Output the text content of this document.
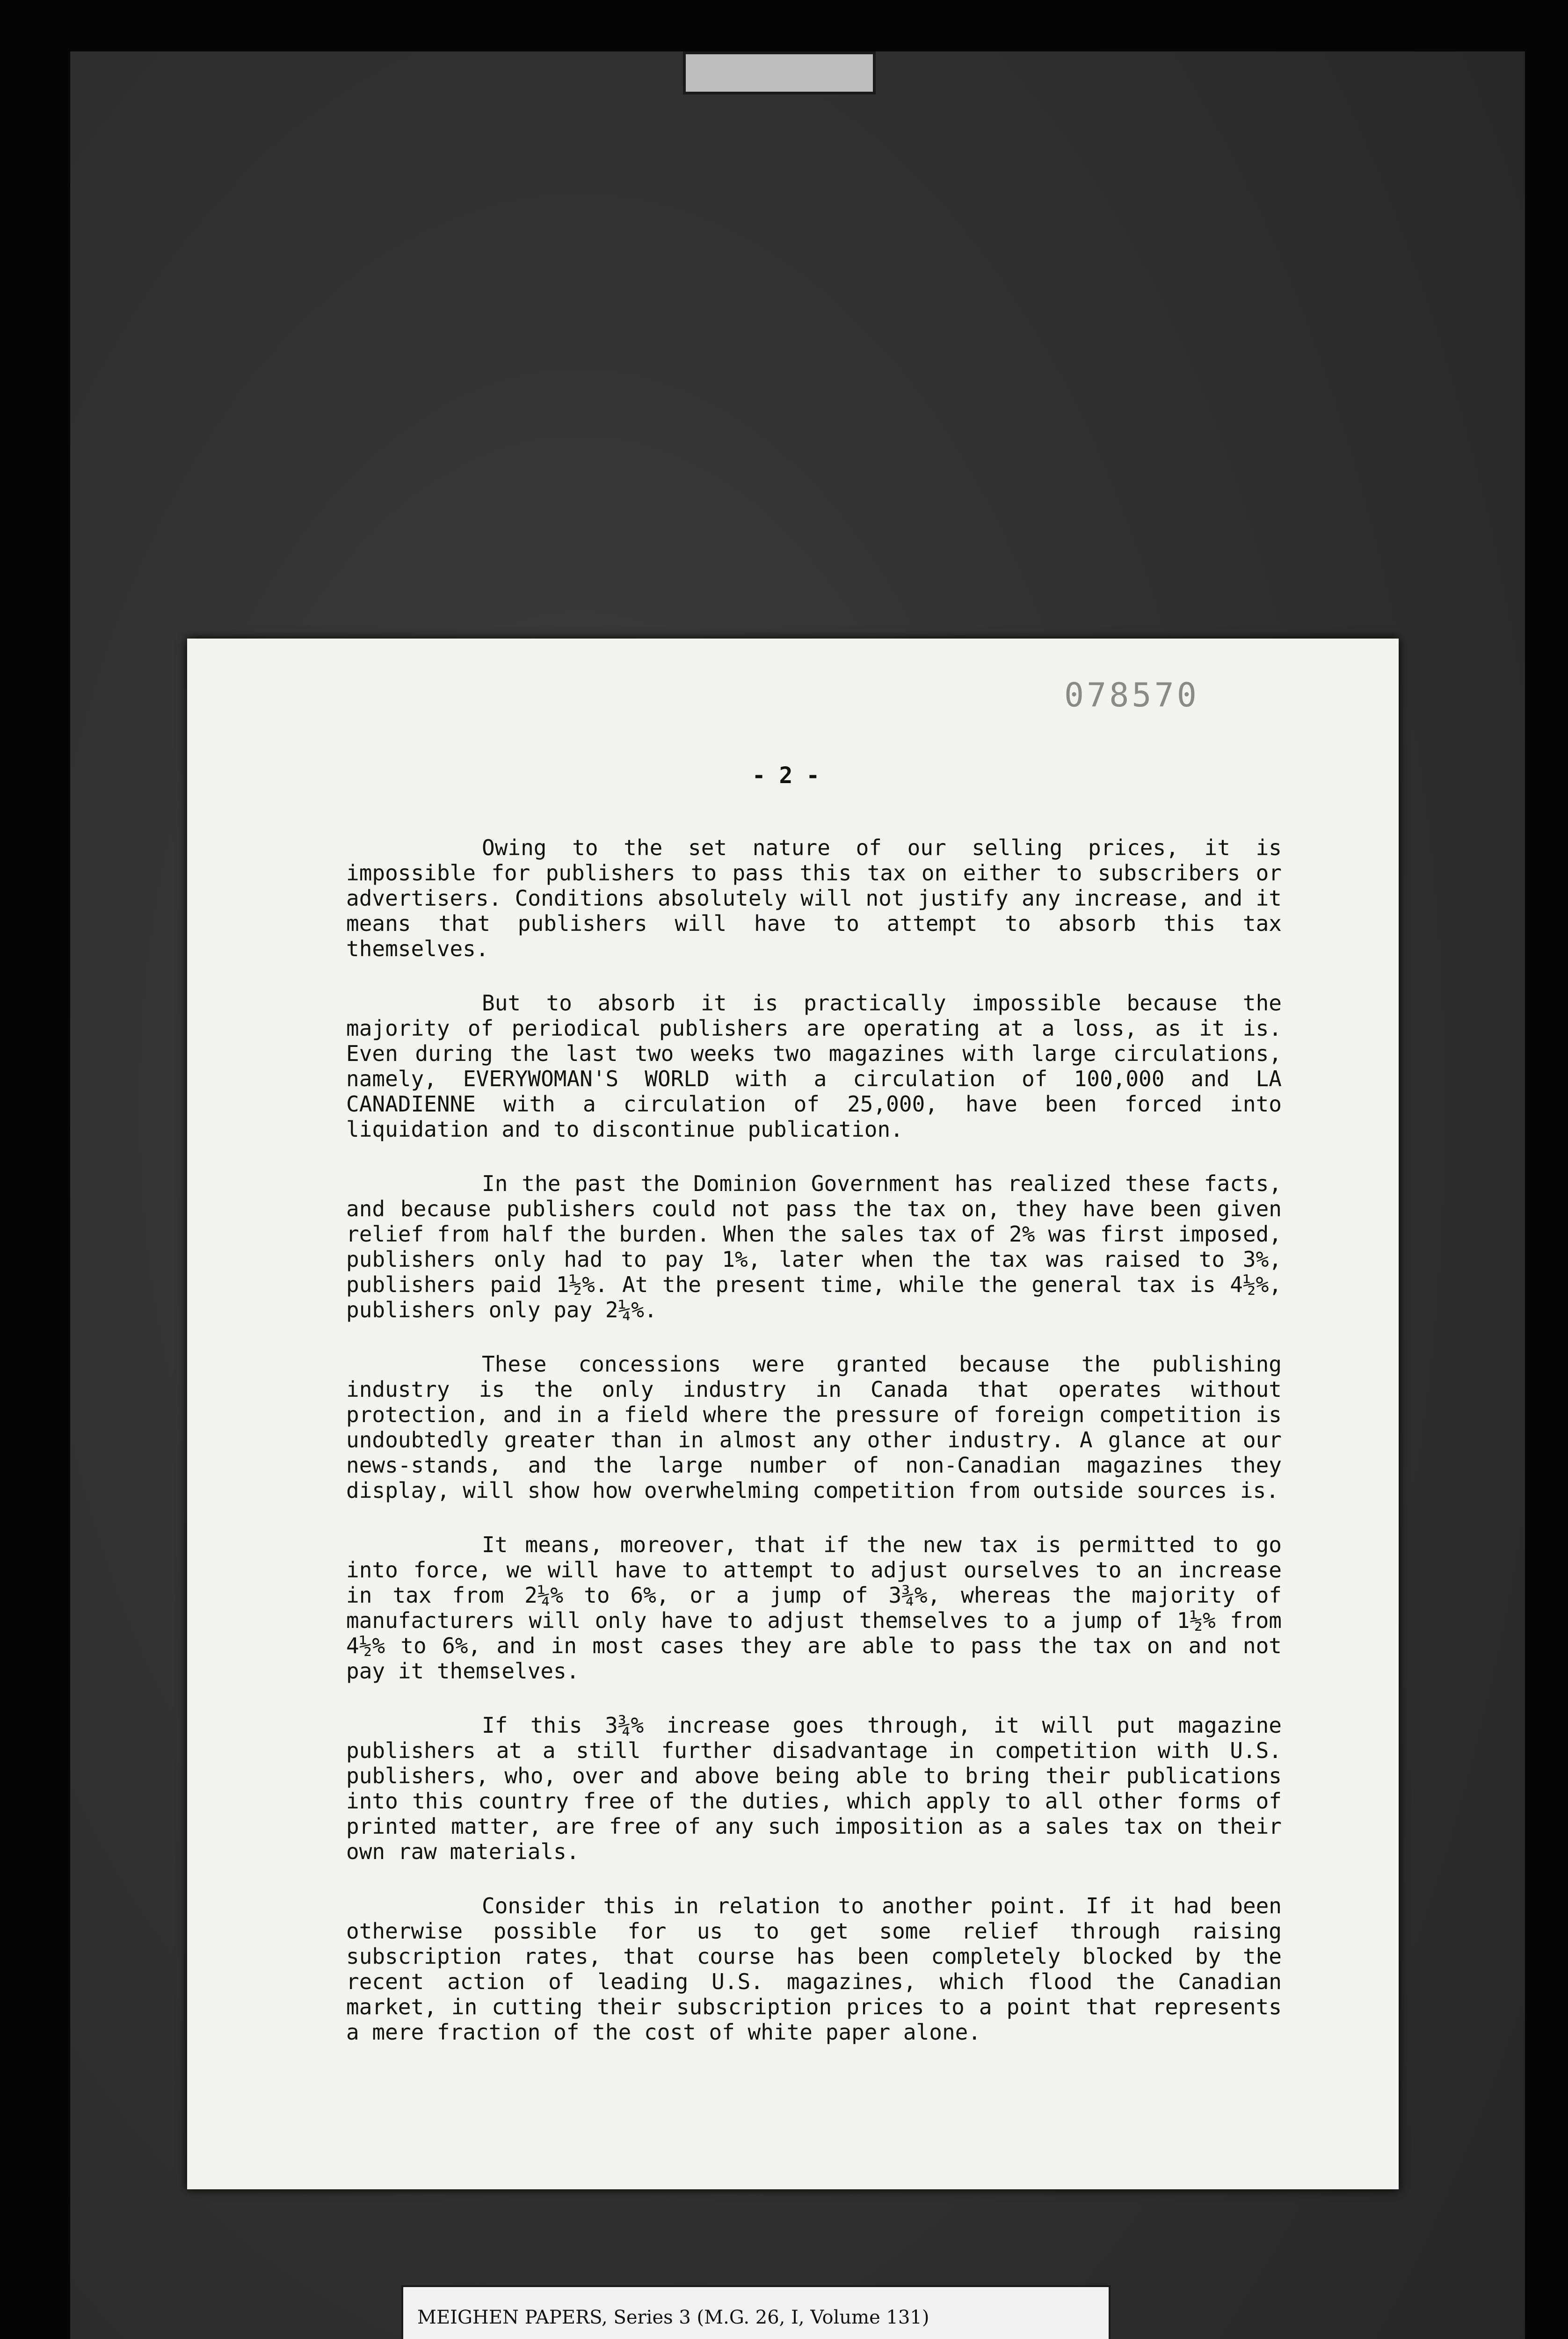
078570
- 2 -

Owing to the set nature of our selling prices, it is impossible for publishers to pass this tax on either to subscribers or advertisers. Conditions absolutely will not justify any increase, and it means that publishers will have to attempt to absorb this tax themselves.

But to absorb it is practically impossible because the majority of periodical publishers are operating at a loss, as it is. Even during the last two weeks two magazines with large circulations, namely, EVERYWOMAN'S WORLD with a circulation of 100,000 and LA CANADIENNE with a circulation of 25,000, have been forced into liquidation and to discontinue publication.

In the past the Dominion Government has realized these facts, and because publishers could not pass the tax on, they have been given relief from half the burden. When the sales tax of 2% was first imposed, publishers only had to pay 1%, later when the tax was raised to 3%, publishers paid 1½%. At the present time, while the general tax is 4½%, publishers only pay 2¼%.

These concessions were granted because the publishing industry is the only industry in Canada that operates without protection, and in a field where the pressure of foreign competition is undoubtedly greater than in almost any other industry. A glance at our news-stands, and the large number of non-Canadian magazines they display, will show how overwhelming competition from outside sources is.

It means, moreover, that if the new tax is permitted to go into force, we will have to attempt to adjust ourselves to an increase in tax from 2¼% to 6%, or a jump of 3¾%, whereas the majority of manufacturers will only have to adjust themselves to a jump of 1½% from 4½% to 6%, and in most cases they are able to pass the tax on and not pay it themselves.

If this 3¾% increase goes through, it will put magazine publishers at a still further disadvantage in competition with U.S. publishers, who, over and above being able to bring their publications into this country free of the duties, which apply to all other forms of printed matter, are free of any such imposition as a sales tax on their own raw materials.

Consider this in relation to another point. If it had been otherwise possible for us to get some relief through raising subscription rates, that course has been completely blocked by the recent action of leading U.S. magazines, which flood the Canadian market, in cutting their subscription prices to a point that represents a mere fraction of the cost of white paper alone.

MEIGHEN PAPERS, Series 3 (M.G. 26, I, Volume 131)
